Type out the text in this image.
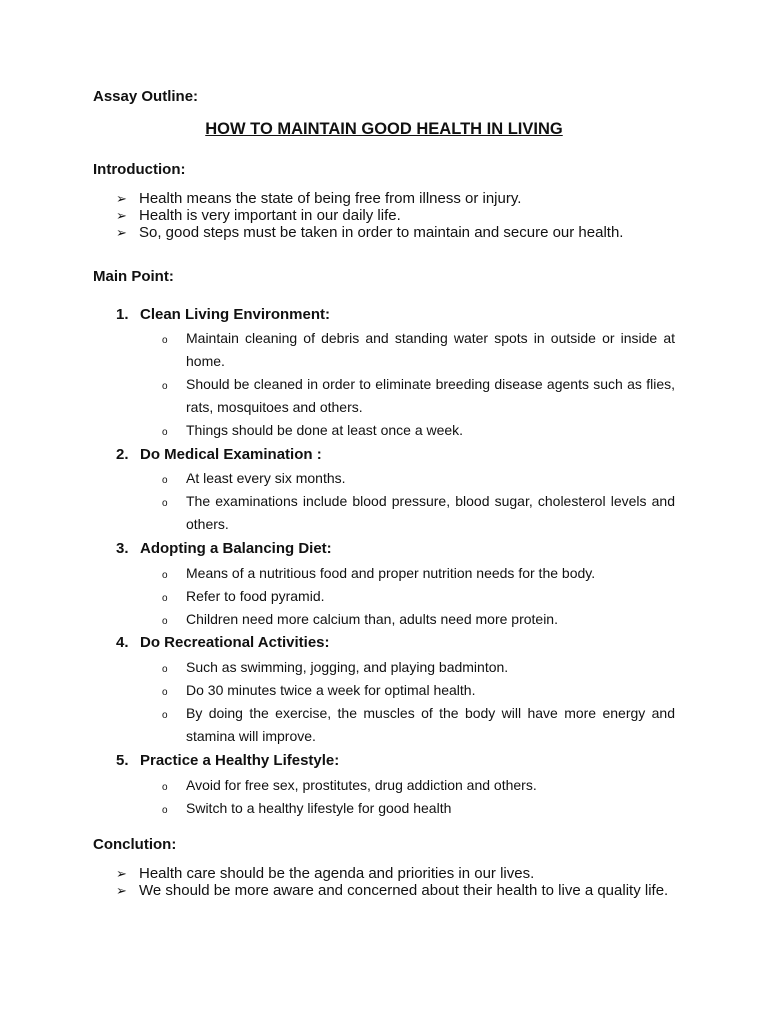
Assay Outline:
HOW TO MAINTAIN GOOD HEALTH IN LIVING
Introduction:
➢ Health means the state of being free from illness or injury.
➢ Health is very important in our daily life.
➢ So, good steps must be taken in order to maintain and secure our health.
Main Point:
1. Clean Living Environment:
o Maintain cleaning of debris and standing water spots in outside or inside at home.
o Should be cleaned in order to eliminate breeding disease agents such as flies, rats, mosquitoes and others.
o Things should be done at least once a week.
2. Do Medical Examination :
o At least every six months.
o The examinations include blood pressure, blood sugar, cholesterol levels and others.
3. Adopting a Balancing Diet:
o Means of a nutritious food and proper nutrition needs for the body.
o Refer to food pyramid.
o Children need more calcium than, adults need more protein.
4. Do Recreational Activities:
o Such as swimming, jogging, and playing badminton.
o Do 30 minutes twice a week for optimal health.
o By doing the exercise, the muscles of the body will have more energy and stamina will improve.
5. Practice a Healthy Lifestyle:
o Avoid for free sex, prostitutes, drug addiction and others.
o Switch to a healthy lifestyle for good health
Conclution:
➢ Health care should be the agenda and priorities in our lives.
➢ We should be more aware and concerned about their health to live a quality life.
